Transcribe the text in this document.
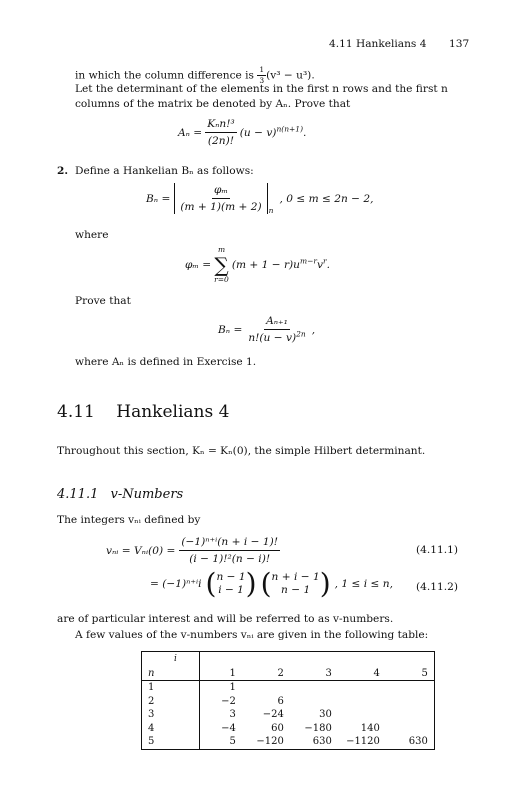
4.11 Hankelians 4 137
in which the column difference is $\frac{1}{3} (v^3 - u^3)$.
Let the determinant of the elements in the first n rows and the first n
columns of the matrix be denoted by Aₙ. Prove that
$A_n = \frac{\text{Kₙn!³}}{(2n)!} (u - v)^{n(n+1)}$.
2. Define a Hankelian Bₙ as follows:
$B_n = \frac{\text{φₘ}}{(m + 1)(m + 2)}$ n
, 0 ≤ m ≤ 2n − 2,
where
φₘ =
m
∑
r=0
$(m + 1 - r)u^{m-r}v^r$.
Prove that
$B_n = \frac{\text{Aₙ₊₁}}{n!(u - v)^{2n}}$ ,
where Aₙ is defined in Exercise 1.
4.11 Hankelians 4
Throughout this section, Kₙ = Kₙ(0), the simple Hilbert determinant.
4.11.1 v-Numbers
The integers vₙᵢ defined by
vₙᵢ = Vₙᵢ(0) = $\frac{\text{(−1)ⁿ⁺ⁱ(n + i − 1)!}}{\text{(i − 1)!²(n − i)!}}$	(4.11.1)
= (−1)ⁿ⁺ⁱi ( n − 1
i − 1 ) ( n + i − 1
n − 1 ) , 1 ≤ i ≤ n, (4.11.2)
are of particular interest and will be referred to as v-numbers.
A few values of the v-numbers vₙᵢ are given in the following table:
i					
n	1	2	3	4	5
1	1				
2	−2	6			
3	3	−24	30		
4	−4	60	−180	140	
5	5	−120	630	−1120	630
